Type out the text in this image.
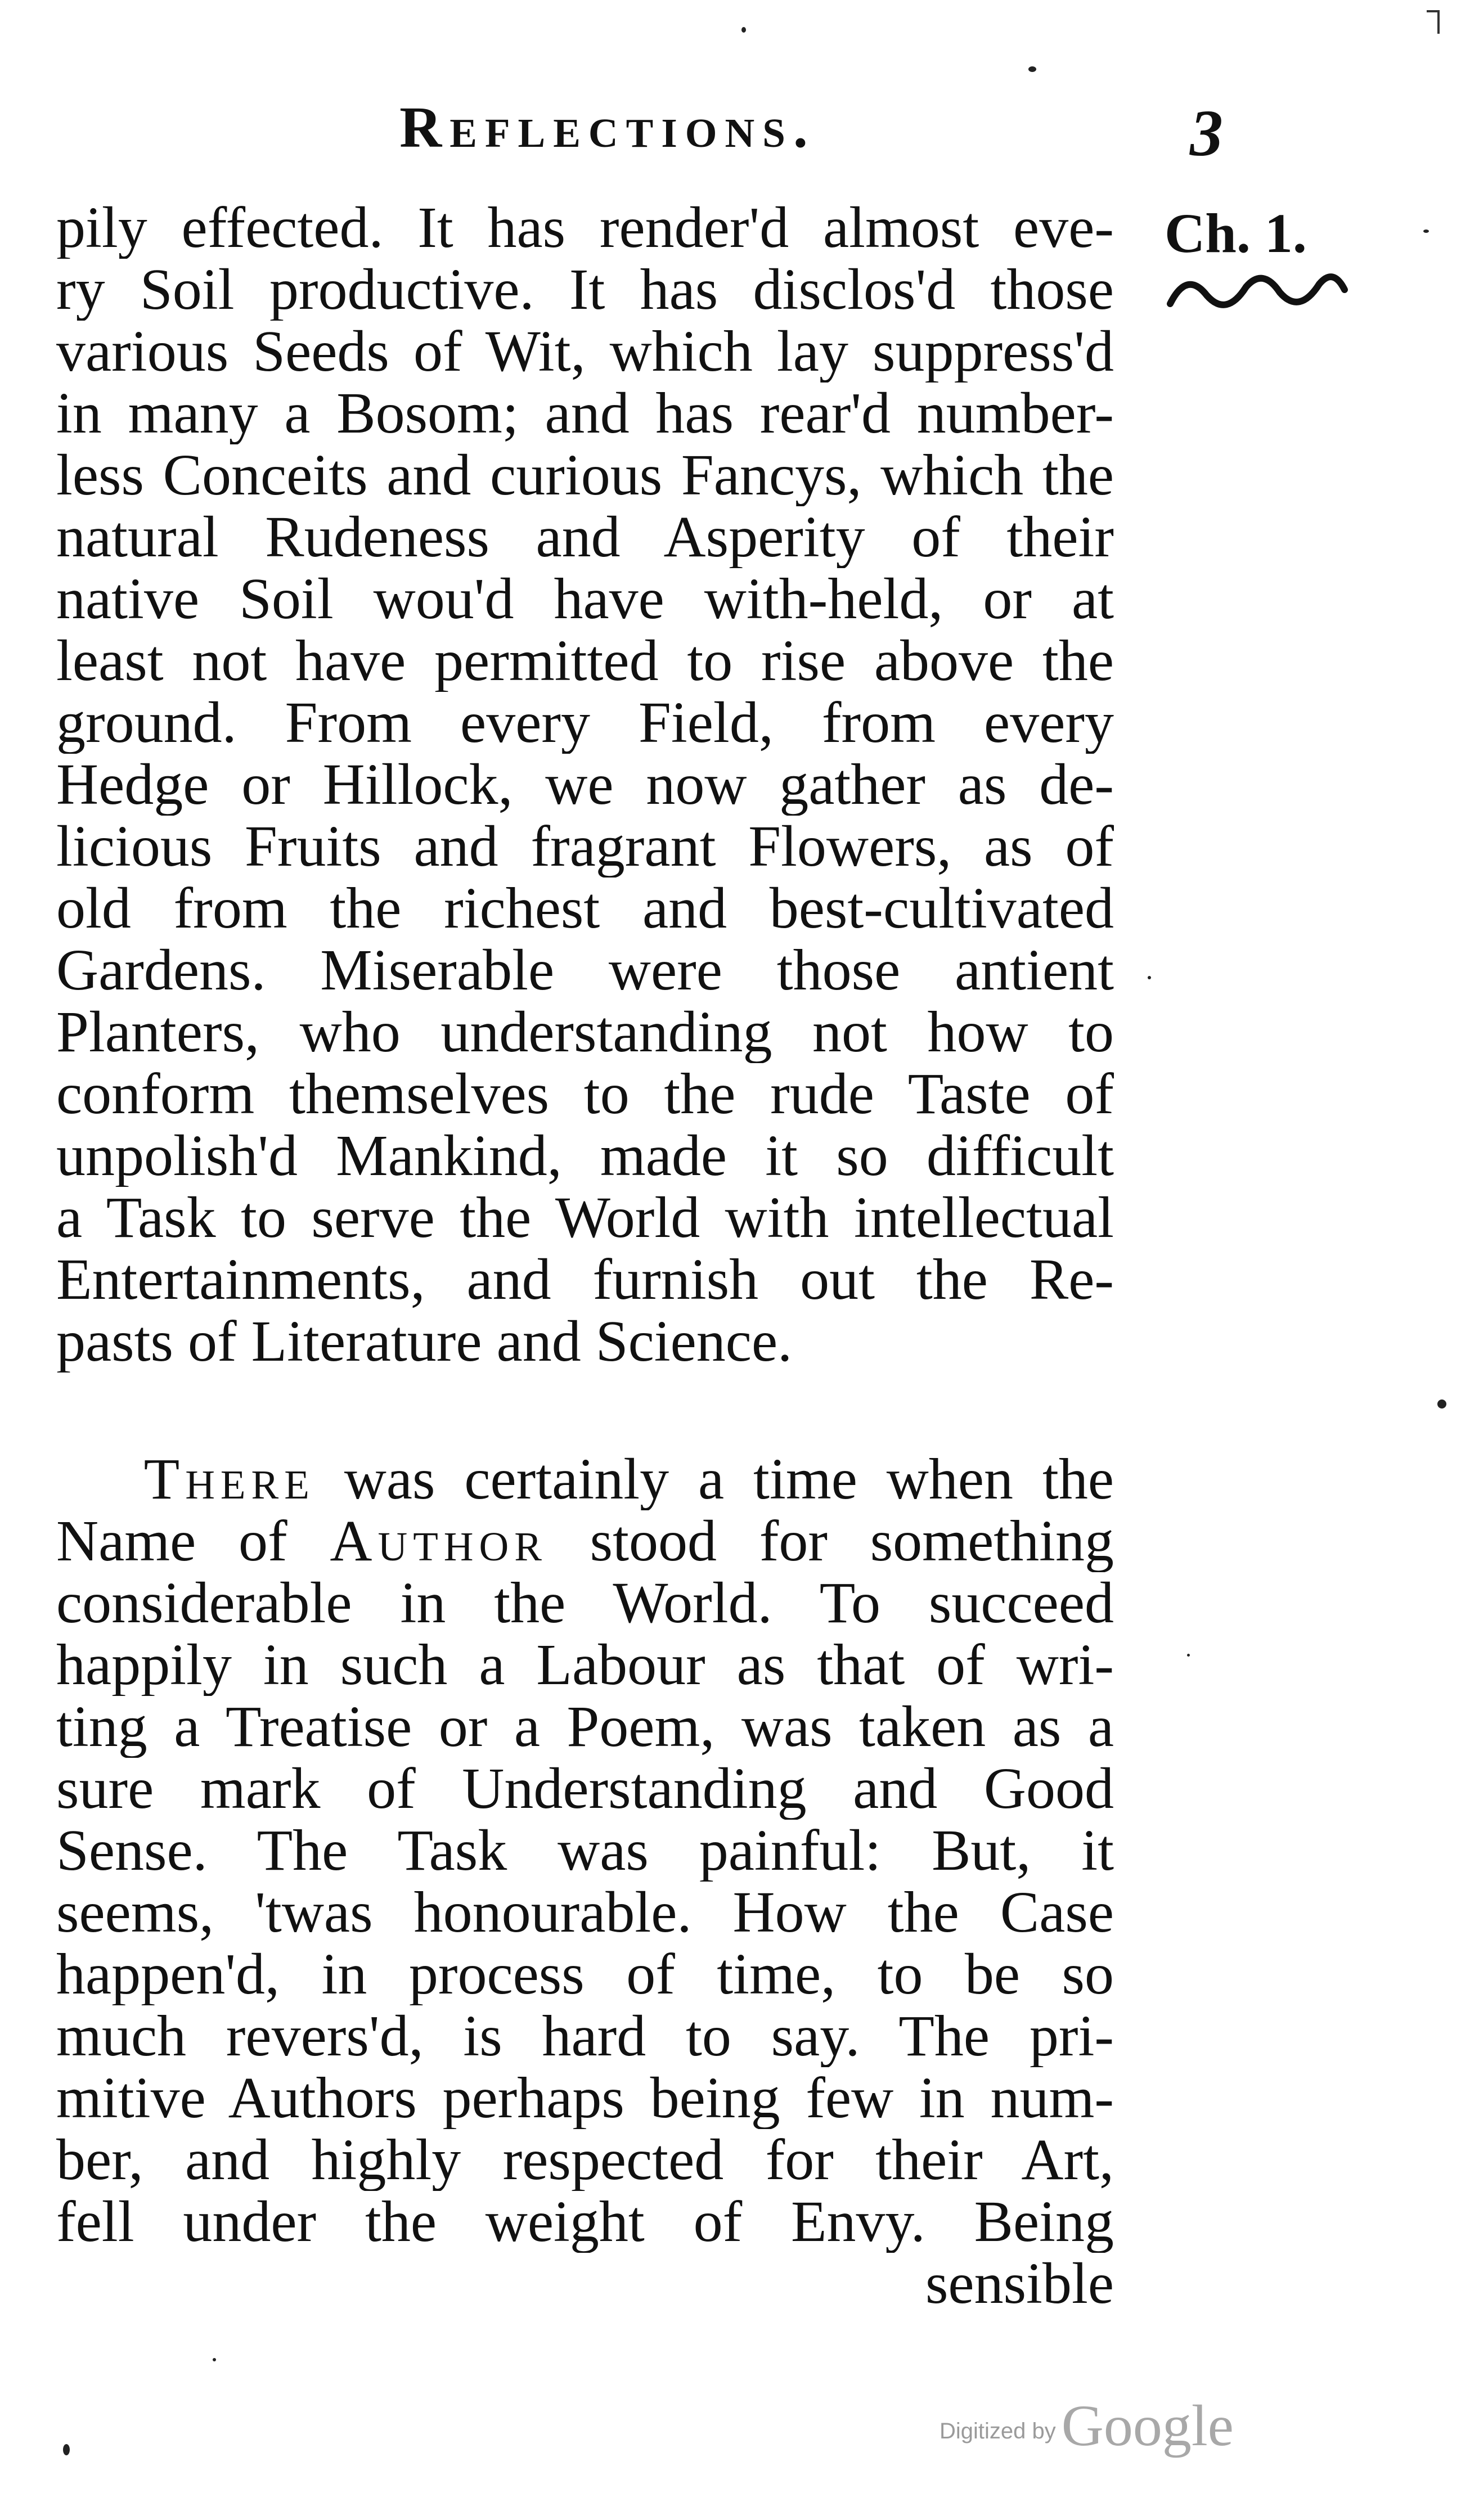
Reflections.	3
Ch. 1.
pily effected. It has render'd almost eve-
ry Soil productive. It has disclos'd those
various Seeds of Wit, which lay suppress'd
in many a Bosom; and has rear'd number-
less Conceits and curious Fancys, which the
natural Rudeness and Asperity of their
native Soil wou'd have with-held, or at
least not have permitted to rise above the
ground. From every Field, from every
Hedge or Hillock, we now gather as de-
licious Fruits and fragrant Flowers, as of
old from the richest and best-cultivated
Gardens. Miserable were those antient
Planters, who understanding not how to
conform themselves to the rude Taste of
unpolish'd Mankind, made it so difficult
a Task to serve the World with intellectual
Entertainments, and furnish out the Re-
pasts of Literature and Science.
There was certainly a time when the
Name of Author stood for something
considerable in the World. To succeed
happily in such a Labour as that of wri-
ting a Treatise or a Poem, was taken as a
sure mark of Understanding and Good
Sense. The Task was painful: But, it
seems, 'twas honourable. How the Case
happen'd, in process of time, to be so
much revers'd, is hard to say. The pri-
mitive Authors perhaps being few in num-
ber, and highly respected for their Art,
fell under the weight of Envy. Being
sensible
Digitized by Google
